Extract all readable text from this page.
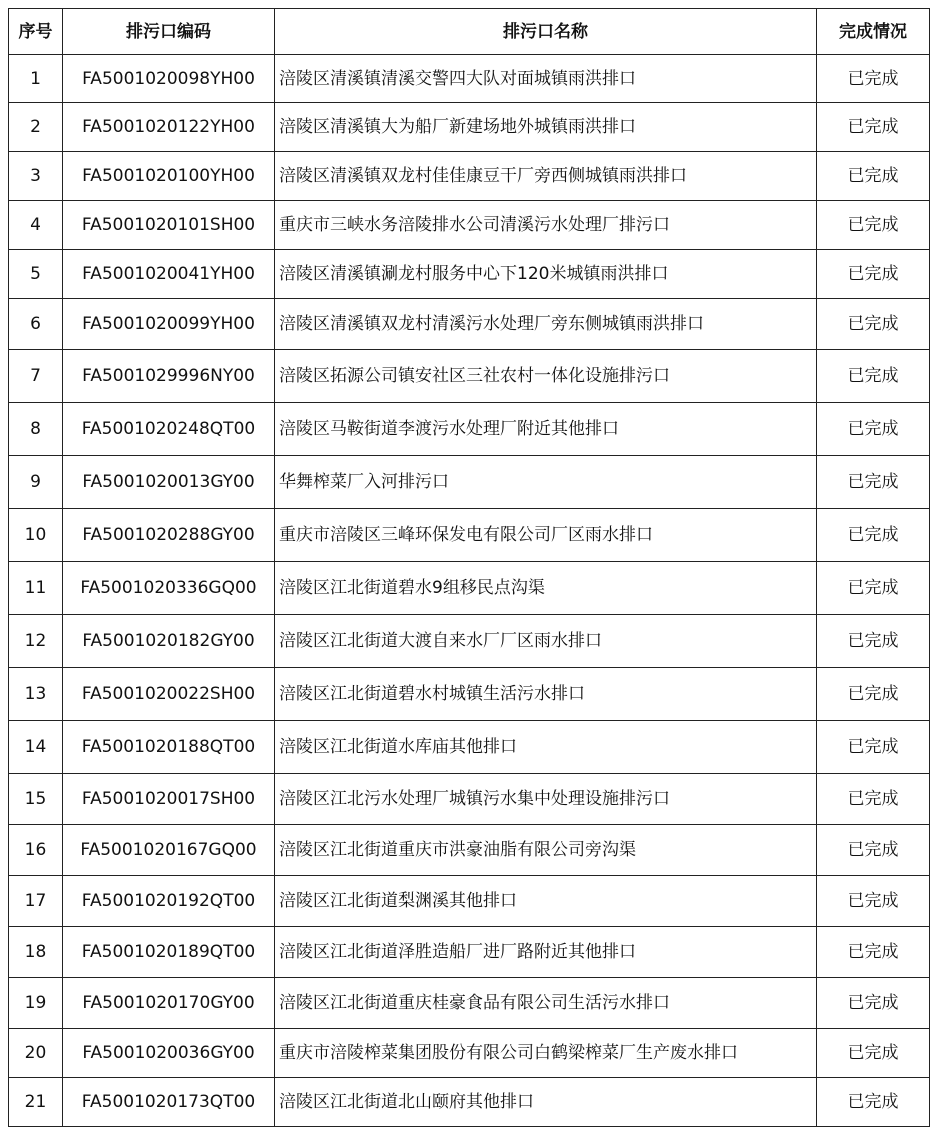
序号	排污口编码	排污口名称	完成情况
1	FA5001020098YH00	涪陵区清溪镇清溪交警四大队对面城镇雨洪排口	已完成
2	FA5001020122YH00	涪陵区清溪镇大为船厂新建场地外城镇雨洪排口	已完成
3	FA5001020100YH00	涪陵区清溪镇双龙村佳佳康豆干厂旁西侧城镇雨洪排口	已完成
4	FA5001020101SH00	重庆市三峡水务涪陵排水公司清溪污水处理厂排污口	已完成
5	FA5001020041YH00	涪陵区清溪镇涮龙村服务中心下120米城镇雨洪排口	已完成
6	FA5001020099YH00	涪陵区清溪镇双龙村清溪污水处理厂旁东侧城镇雨洪排口	已完成
7	FA5001029996NY00	涪陵区拓源公司镇安社区三社农村一体化设施排污口	已完成
8	FA5001020248QT00	涪陵区马鞍街道李渡污水处理厂附近其他排口	已完成
9	FA5001020013GY00	华舞榨菜厂入河排污口	已完成
10	FA5001020288GY00	重庆市涪陵区三峰环保发电有限公司厂区雨水排口	已完成
11	FA5001020336GQ00	涪陵区江北街道碧水9组移民点沟渠	已完成
12	FA5001020182GY00	涪陵区江北街道大渡自来水厂厂区雨水排口	已完成
13	FA5001020022SH00	涪陵区江北街道碧水村城镇生活污水排口	已完成
14	FA5001020188QT00	涪陵区江北街道水库庙其他排口	已完成
15	FA5001020017SH00	涪陵区江北污水处理厂城镇污水集中处理设施排污口	已完成
16	FA5001020167GQ00	涪陵区江北街道重庆市洪豪油脂有限公司旁沟渠	已完成
17	FA5001020192QT00	涪陵区江北街道梨渊溪其他排口	已完成
18	FA5001020189QT00	涪陵区江北街道泽胜造船厂进厂路附近其他排口	已完成
19	FA5001020170GY00	涪陵区江北街道重庆桂豪食品有限公司生活污水排口	已完成
20	FA5001020036GY00	重庆市涪陵榨菜集团股份有限公司白鹤梁榨菜厂生产废水排口	已完成
21	FA5001020173QT00	涪陵区江北街道北山颐府其他排口	已完成
